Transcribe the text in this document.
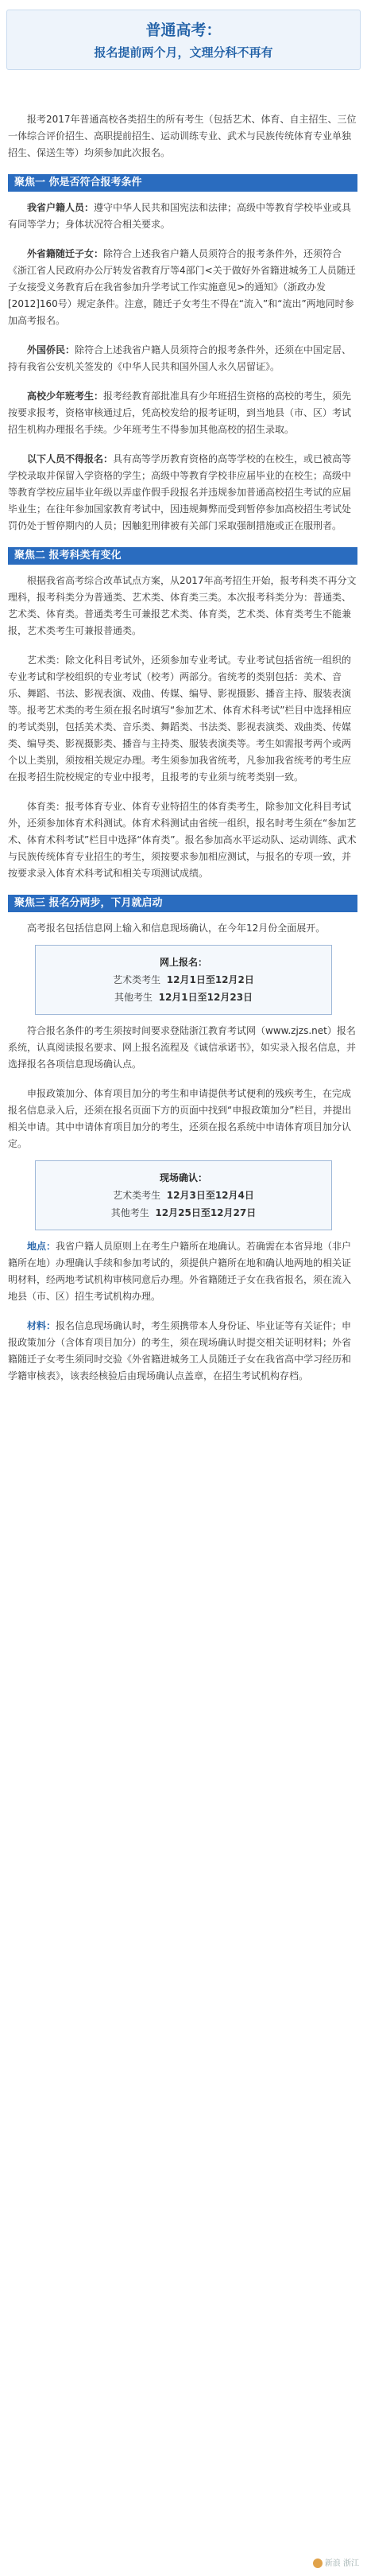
普通高考：
报名提前两个月，文理分科不再有

报考2017年普通高校各类招生的所有考生（包括艺术、体育、自主招生、三位一体综合评价招生、高职提前招生、运动训练专业、武术与民族传统体育专业单独招生、保送生等）均须参加此次报名。

聚焦一 你是否符合报考条件

我省户籍人员：遵守中华人民共和国宪法和法律；高级中等教育学校毕业或具有同等学力；身体状况符合相关要求。

外省籍随迁子女：除符合上述我省户籍人员须符合的报考条件外，还须符合《浙江省人民政府办公厅转发省教育厅等4部门<关于做好外省籍进城务工人员随迁子女接受义务教育后在我省参加升学考试工作实施意见>的通知》（浙政办发[2012]160号）规定条件。注意，随迁子女考生不得在“流入”和“流出”两地同时参加高考报名。

外国侨民：除符合上述我省户籍人员须符合的报考条件外，还须在中国定居、持有我省公安机关签发的《中华人民共和国外国人永久居留证》。

高校少年班考生：报考经教育部批准具有少年班招生资格的高校的考生，须先按要求报考，资格审核通过后，凭高校发给的报考证明，到当地县（市、区）考试招生机构办理报名手续。少年班考生不得参加其他高校的招生录取。

以下人员不得报名：具有高等学历教育资格的高等学校的在校生，或已被高等学校录取并保留入学资格的学生；高级中等教育学校非应届毕业的在校生；高级中等教育学校应届毕业年级以弄虚作假手段报名并违规参加普通高校招生考试的应届毕业生；在往年参加国家教育考试中，因违规舞弊而受到暂停参加高校招生考试处罚仍处于暂停期内的人员；因触犯刑律被有关部门采取强制措施或正在服刑者。

聚焦二 报考科类有变化

根据我省高考综合改革试点方案，从2017年高考招生开始，报考科类不再分文理科，报考科类分为普通类、艺术类、体育类三类。本次报考科类分为：普通类、艺术类、体育类。普通类考生可兼报艺术类、体育类，艺术类、体育类考生不能兼报，艺术类考生可兼报普通类。

艺术类：除文化科目考试外，还须参加专业考试。专业考试包括省统一组织的专业考试和学校组织的专业考试（校考）两部分。省统考的类别包括：美术、音乐、舞蹈、书法、影视表演、戏曲、传媒、编导、影视摄影、播音主持、服装表演等。报考艺术类的考生须在报名时填写“参加艺术、体育术科考试”栏目中选择相应的考试类别，包括美术类、音乐类、舞蹈类、书法类、影视表演类、戏曲类、传媒类、编导类、影视摄影类、播音与主持类、服装表演类等。考生如需报考两个或两个以上类别，须按相关规定办理。考生须参加我省统考，凡参加我省统考的考生应在报考招生院校规定的专业中报考，且报考的专业须与统考类别一致。

体育类：报考体育专业、体育专业特招生的体育类考生，除参加文化科目考试外，还须参加体育术科测试。体育术科测试由省统一组织，报名时考生须在“参加艺术、体育术科考试”栏目中选择“体育类”。报名参加高水平运动队、运动训练、武术与民族传统体育专业招生的考生，须按要求参加相应测试，与报名的专项一致，并按要求录入体育术科考试和相关专项测试成绩。

聚焦三 报名分两步，下月就启动

高考报名包括信息网上输入和信息现场确认，在今年12月份全面展开。

网上报名：
艺术类考生 12月1日至12月2日
其他考生 12月1日至12月23日

符合报名条件的考生须按时间要求登陆浙江教育考试网（www.zjzs.net）报名系统，认真阅读报名要求、网上报名流程及《诚信承诺书》，如实录入报名信息，并选择报名各项信息现场确认点。

申报政策加分、体育项目加分的考生和申请提供考试便利的残疾考生，在完成报名信息录入后，还须在报名页面下方的页面中找到“申报政策加分”栏目，并提出相关申请。其中申请体育项目加分的考生，还须在报名系统中申请体育项目加分认定。

现场确认：
艺术类考生 12月3日至12月4日
其他考生 12月25日至12月27日

地点：我省户籍人员原则上在考生户籍所在地确认。若确需在本省异地（非户籍所在地）办理确认手续和参加考试的，须提供户籍所在地和确认地两地的相关证明材料，经两地考试机构审核同意后办理。外省籍随迁子女在我省报名，须在流入地县（市、区）招生考试机构办理。

材料：报名信息现场确认时，考生须携带本人身份证、毕业证等有关证件；申报政策加分（含体育项目加分）的考生，须在现场确认时提交相关证明材料；外省籍随迁子女考生须同时交验《外省籍进城务工人员随迁子女在我省高中学习经历和学籍审核表》，该表经核验后由现场确认点盖章，在招生考试机构存档。

新浪 浙江
